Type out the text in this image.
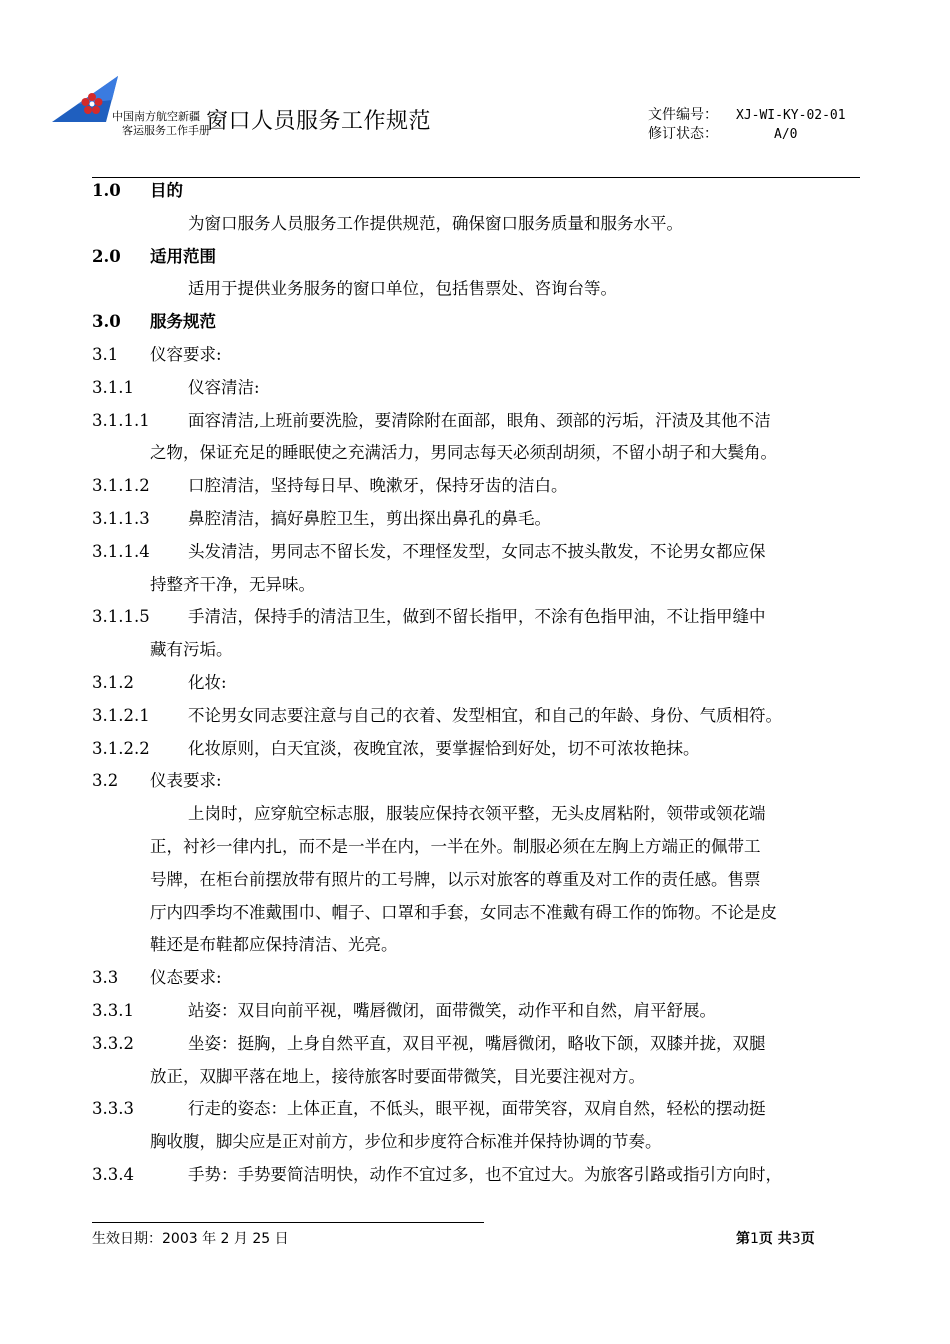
中国南方航空新疆
客运服务工作手册
窗口人员服务工作规范	文件编号： XJ-WI-KY-02-01
修订状态：	A/0
1.0 目的
为窗口服务人员服务工作提供规范，确保窗口服务质量和服务水平。
2.0 适用范围
适用于提供业务服务的窗口单位，包括售票处、咨询台等。
3.0 服务规范
3.1 仪容要求:
3.1.1	仪容清洁:
3.1.1.1 面容清洁,上班前要洗脸，要清除附在面部，眼角、颈部的污垢，汗渍及其他不洁
之物，保证充足的睡眠使之充满活力，男同志每天必须刮胡须，不留小胡子和大鬓角。
3.1.1.2 口腔清洁，坚持每日早、晚漱牙，保持牙齿的洁白。
3.1.1.3 鼻腔清洁，搞好鼻腔卫生，剪出探出鼻孔的鼻毛。
3.1.1.4 头发清洁，男同志不留长发，不理怪发型，女同志不披头散发，不论男女都应保
持整齐干净，无异味。
3.1.1.5 手清洁，保持手的清洁卫生，做到不留长指甲，不涂有色指甲油，不让指甲缝中
藏有污垢。
3.1.2	化妆:
3.1.2.1 不论男女同志要注意与自己的衣着、发型相宜，和自己的年龄、身份、气质相符。
3.1.2.2 化妆原则，白天宜淡，夜晚宜浓，要掌握恰到好处，切不可浓妆艳抹。
3.2 仪表要求:
上岗时，应穿航空标志服，服装应保持衣领平整，无头皮屑粘附，领带或领花端
正，衬衫一律内扎，而不是一半在内，一半在外。制服必须在左胸上方端正的佩带工
号牌，在柜台前摆放带有照片的工号牌，以示对旅客的尊重及对工作的责任感。售票
厅内四季均不准戴围巾、帽子、口罩和手套，女同志不准戴有碍工作的饰物。不论是皮
鞋还是布鞋都应保持清洁、光亮。
3.3 仪态要求:
3.3.1	站姿：双目向前平视，嘴唇微闭，面带微笑，动作平和自然，肩平舒展。
3.3.2	坐姿：挺胸，上身自然平直，双目平视，嘴唇微闭，略收下颌，双膝并拢，双腿
放正，双脚平落在地上，接待旅客时要面带微笑，目光要注视对方。
3.3.3	行走的姿态：上体正直，不低头，眼平视，面带笑容，双肩自然，轻松的摆动挺
胸收腹，脚尖应是正对前方，步位和步度符合标准并保持协调的节奏。
3.3.4	手势：手势要简洁明快，动作不宜过多，也不宜过大。为旅客引路或指引方向时，
生效日期：2003 年 2 月 25 日	第1页 共3页
